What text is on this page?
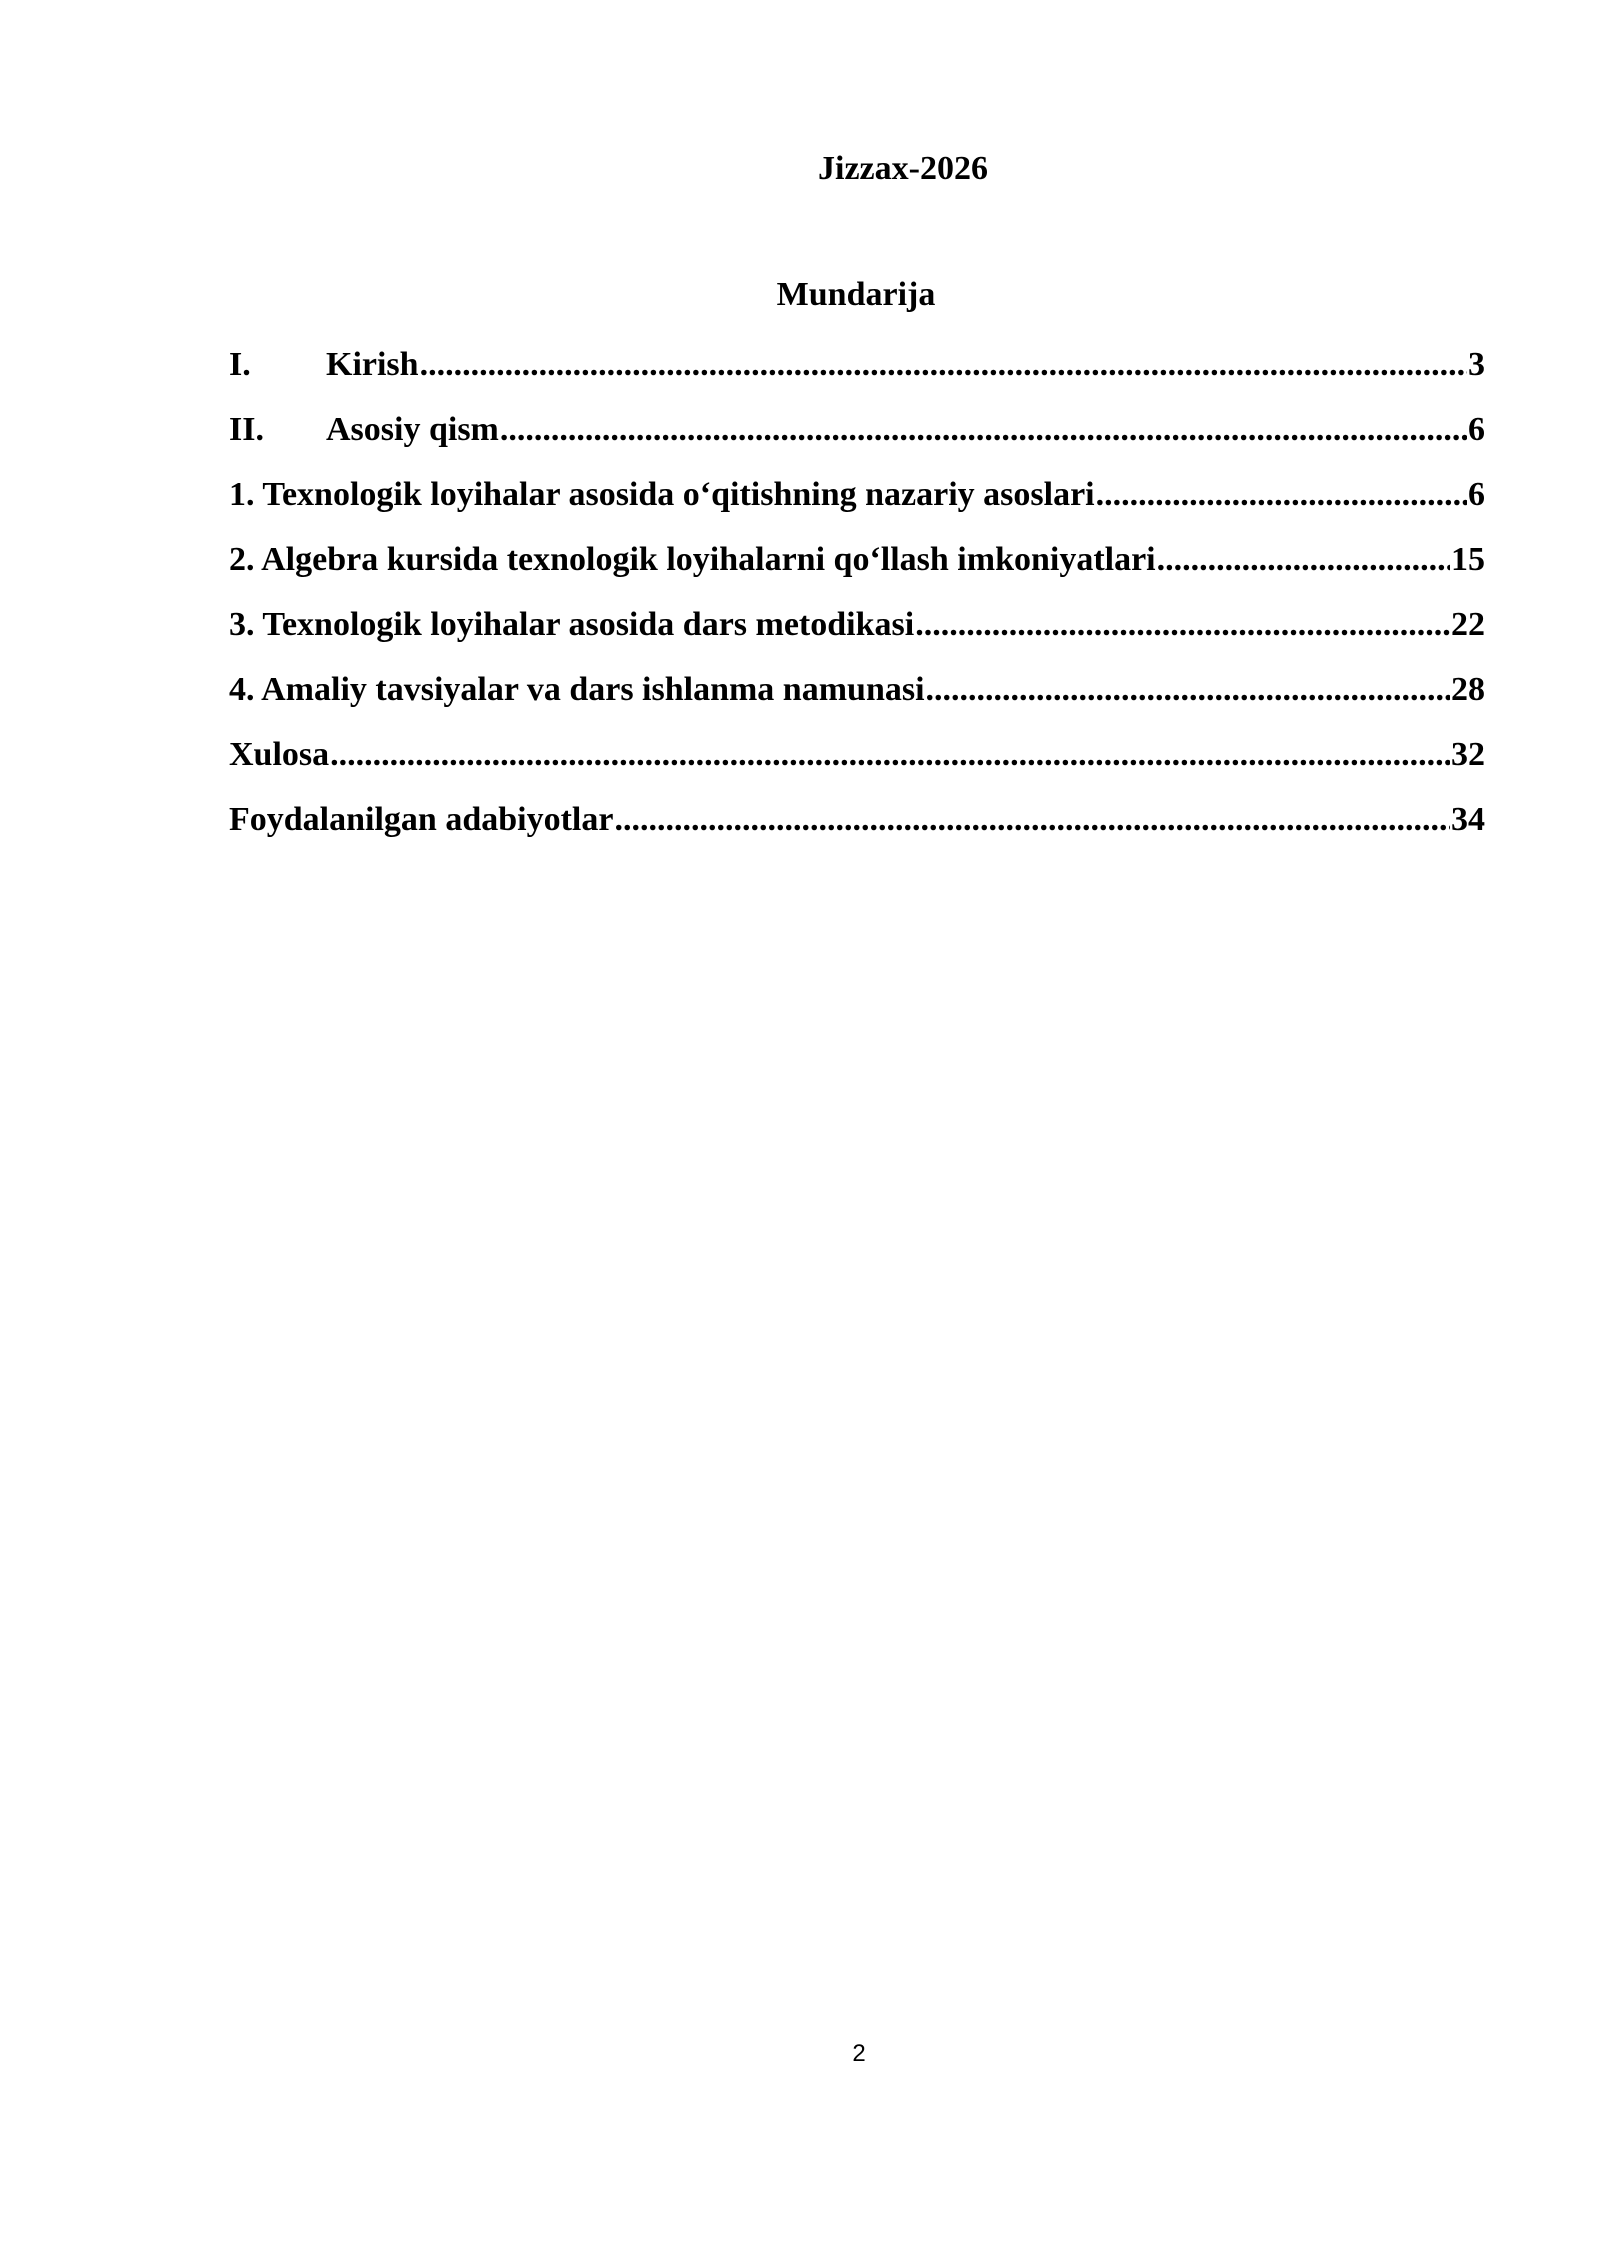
Jizzax-2026
Mundarija
I.	Kirish .....	3
II.	Asosiy qism .....	6
1. Texnologik loyihalar asosida o‘qitishning nazariy asoslari .....	6
2. Algebra kursida texnologik loyihalarni qo‘llash imkoniyatlari .....	15
3. Texnologik loyihalar asosida dars metodikasi .....	22
4. Amaliy tavsiyalar va dars ishlanma namunasi .....	28
Xulosa .....	32
Foydalanilgan adabiyotlar .....	34
2
